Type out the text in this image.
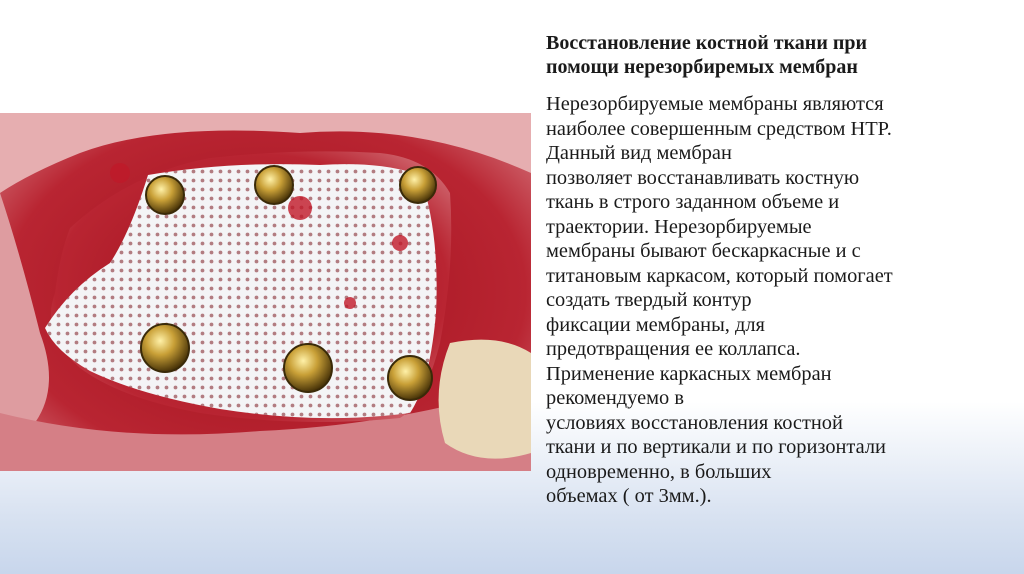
Восстановление костной ткани при
помощи нерезорбиремых мембран
Нерезорбируемые мембраны являются
наиболее совершенным средством HTP.
Данный вид мембран
позволяет восстанавливать костную
ткань в строго заданном объеме и
траектории. Нерезорбируемые
мембраны бывают бескаркасные и с
титановым каркасом, который помогает
создать твердый контур
фиксации мембраны, для
предотвращения ее коллапса.
Применение каркасных мембран
рекомендуемо в
условиях восстановления костной
ткани и по вертикали и по горизонтали
одновременно, в больших
объемах ( от 3мм.).
